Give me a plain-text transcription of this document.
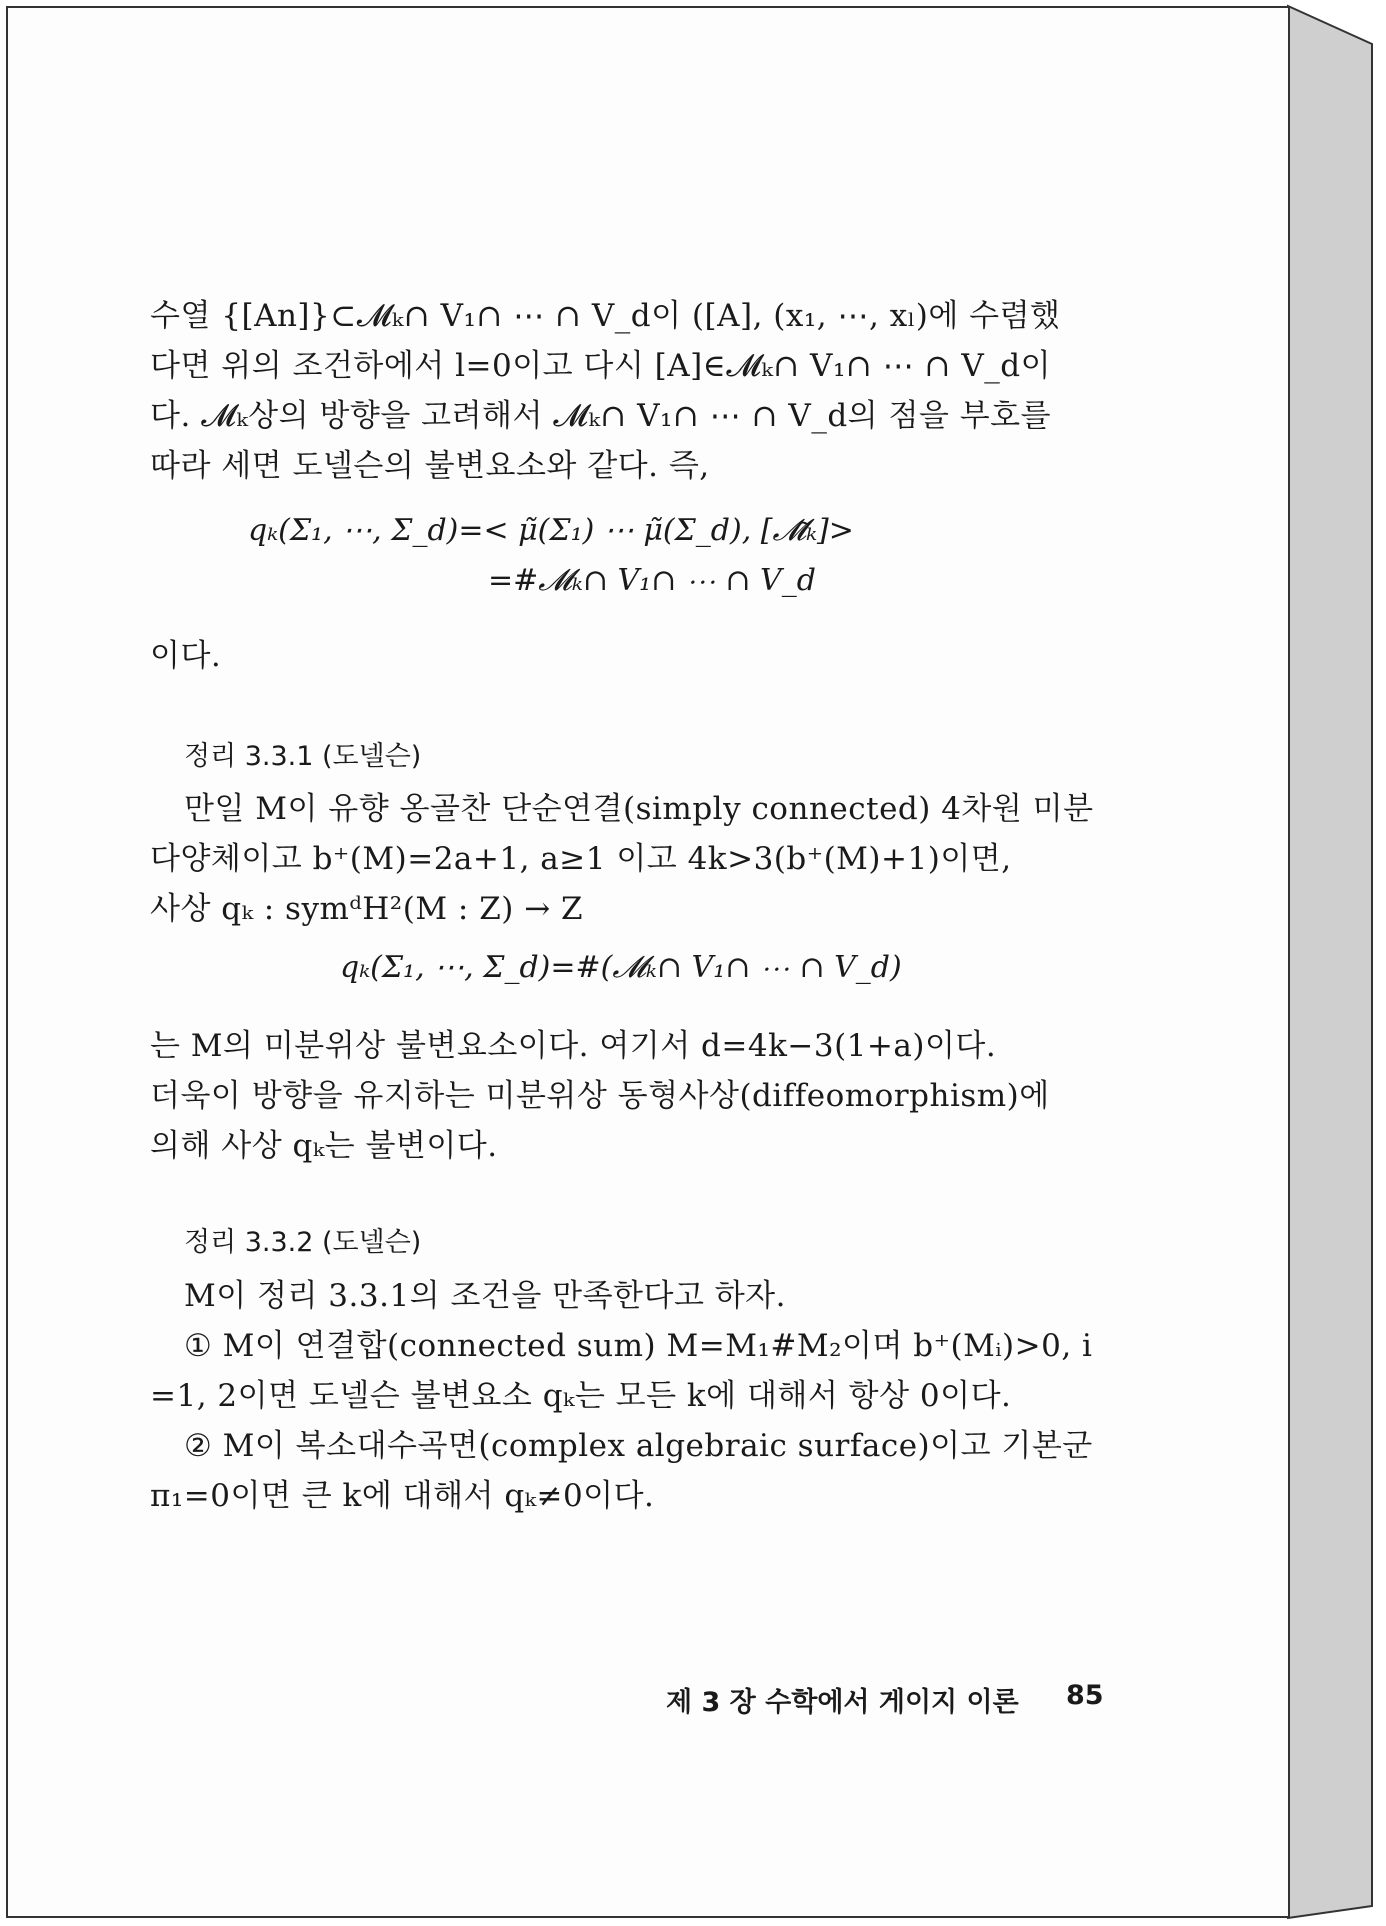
수열 {[An]}⊂𝓜ₖ∩ V₁∩ ⋯ ∩ V_d이 ([A], (x₁, ⋯, xₗ)에 수렴했
다면 위의 조건하에서 l=0이고 다시 [A]∈𝓜ₖ∩ V₁∩ ⋯ ∩ V_d이
다. 𝓜ₖ상의 방향을 고려해서 𝓜ₖ∩ V₁∩ ⋯ ∩ V_d의 점을 부호를
따라 세면 도넬슨의 불변요소와 같다. 즉,
qₖ(Σ₁, ⋯, Σ_d)=< μ̃(Σ₁) ⋯ μ̃(Σ_d), [𝓜̃ₖ]>
=#𝓜ₖ∩ V₁∩ ⋯ ∩ V_d
이다.
정리 3.3.1 (도넬슨)
만일 M이 유향 옹골찬 단순연결(simply connected) 4차원 미분
다양체이고 b⁺(M)=2a+1, a≥1 이고 4k>3(b⁺(M)+1)이면,
사상 qₖ : symᵈH²(M : Z) → Z
qₖ(Σ₁, ⋯, Σ_d)=#(𝓜ₖ∩ V₁∩ ⋯ ∩ V_d)
는 M의 미분위상 불변요소이다. 여기서 d=4k−3(1+a)이다.
더욱이 방향을 유지하는 미분위상 동형사상(diffeomorphism)에
의해 사상 qₖ는 불변이다.
정리 3.3.2 (도넬슨)
M이 정리 3.3.1의 조건을 만족한다고 하자.
① M이 연결합(connected sum) M=M₁#M₂이며 b⁺(Mᵢ)>0, i
=1, 2이면 도넬슨 불변요소 qₖ는 모든 k에 대해서 항상 0이다.
② M이 복소대수곡면(complex algebraic surface)이고 기본군
π₁=0이면 큰 k에 대해서 qₖ≠0이다.
제 3 장 수학에서 게이지 이론 85
